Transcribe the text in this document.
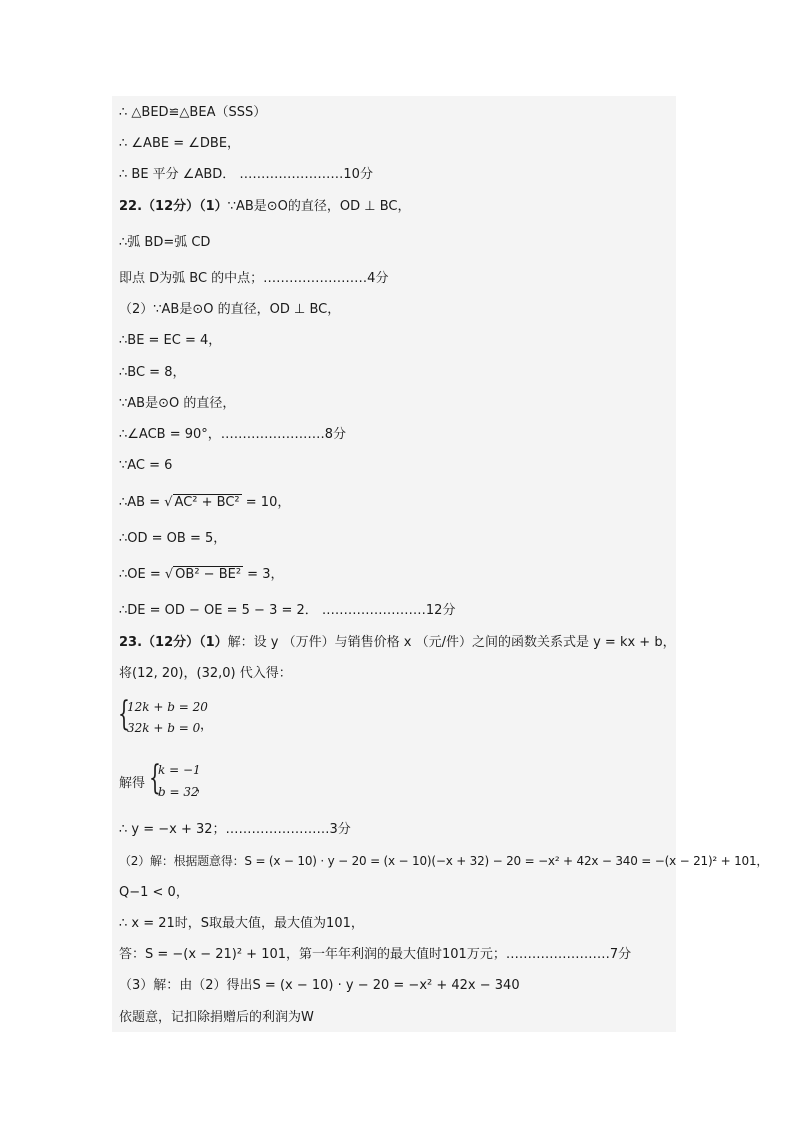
∴ △BED≌△BEA（SSS）
∴ ∠ABE = ∠DBE，
∴ BE 平分 ∠ABD． ……………………10分
22.（12分）（1）∵AB是⊙O的直径，OD ⊥ BC，
∴弧 BD=弧 CD
即点 D为弧 BC 的中点；……………………4分
（2）∵AB是⊙O 的直径，OD ⊥ BC，
∴BE = EC = 4，
∴BC = 8，
∵AB是⊙O 的直径，
∴∠ACB = 90°，……………………8分
∵AC = 6
∴AB = √ AC² + BC² = 10，
∴OD = OB = 5，
∴OE = √ OB² − BE² = 3，
∴DE = OD − OE = 5 − 3 = 2． ……………………12分
23.（12分）（1）解：设 y （万件）与销售价格 x （元/件）之间的函数关系式是 y = kx + b，
将(12, 20)，(32,0) 代入得：
{
12k + b = 20
32k + b = 0 ，
解得 {
k = −1
b = 32
，
∴ y = −x + 32；……………………3分
（2）解：根据题意得：S = (x − 10) · y − 20 = (x − 10)(−x + 32) − 20 = −x² + 42x − 340 = −(x − 21)² + 101，
Q−1 < 0，
∴ x = 21时，S取最大值，最大值为101，
答：S = −(x − 21)² + 101，第一年年利润的最大值时101万元；……………………7分
（3）解：由（2）得出S = (x − 10) · y − 20 = −x² + 42x − 340
依题意，记扣除捐赠后的利润为W
